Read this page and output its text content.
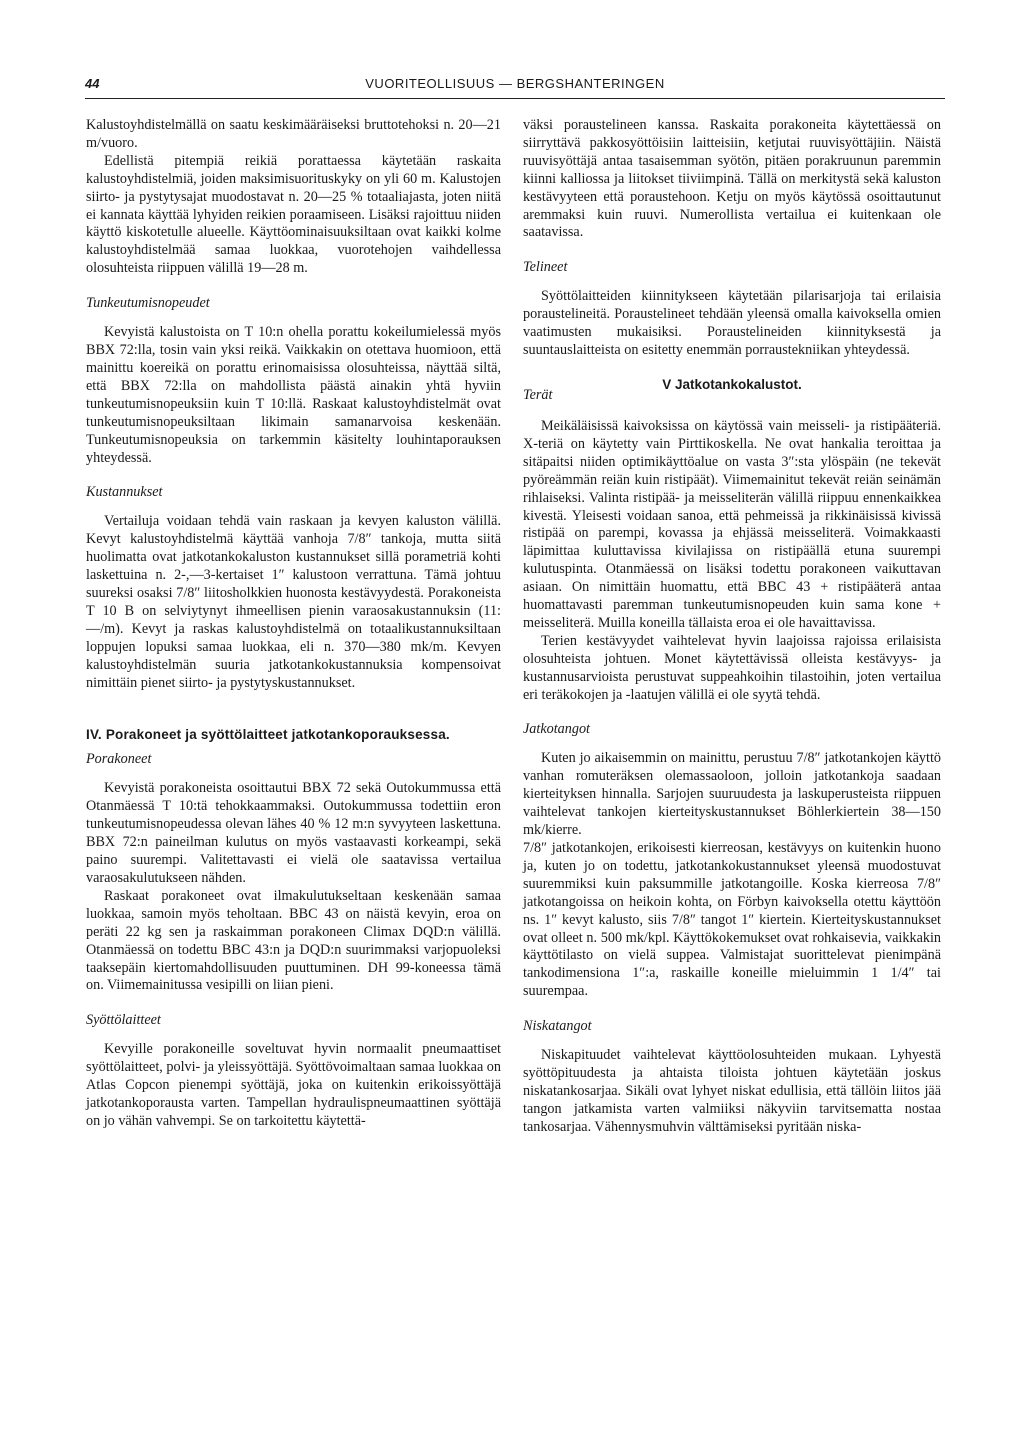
44	VUORITEOLLISUUS — BERGSHANTERINGEN

Kalustoyhdistelmällä on saatu keskimääräiseksi bruttotehoksi n. 20—21 m/vuoro.

Edellistä pitempiä reikiä porattaessa käytetään raskaita kalustoyhdistelmiä, joiden maksimisuorituskyky on yli 60 m. Kalustojen siirto- ja pystytysajat muodostavat n. 20—25 % totaaliajasta, joten niitä ei kannata käyttää lyhyiden reikien poraamiseen. Lisäksi rajoittuu niiden käyttö kiskotetulle alueelle. Käyttöominaisuuksiltaan ovat kaikki kolme kalustoyhdistelmää samaa luokkaa, vuorotehojen vaihdellessa olosuhteista riippuen välillä 19—28 m.

Tunkeutumisnopeudet

Kevyistä kalustoista on T 10:n ohella porattu kokeilumielessä myös BBX 72:lla, tosin vain yksi reikä. Vaikkakin on otettava huomioon, että mainittu koereikä on porattu erinomaisissa olosuhteissa, näyttää siltä, että BBX 72:lla on mahdollista päästä ainakin yhtä hyviin tunkeutumisnopeuksiin kuin T 10:llä. Raskaat kalustoyhdistelmät ovat tunkeutumisnopeuksiltaan likimain samanarvoisa keskenään. Tunkeutumisnopeuksia on tarkemmin käsitelty louhintaporauksen yhteydessä.

Kustannukset

Vertailuja voidaan tehdä vain raskaan ja kevyen kaluston välillä. Kevyt kalustoyhdistelmä käyttää vanhoja 7/8″ tankoja, mutta siitä huolimatta ovat jatkotankokaluston kustannukset sillä porametriä kohti laskettuina n. 2-,—3-kertaiset 1″ kalustoon verrattuna. Tämä johtuu suureksi osaksi 7/8″ liitosholkkien huonosta kestävyydestä. Porakoneista T 10 B on selviytynyt ihmeellisen pienin varaosakustannuksin (11: —/m). Kevyt ja raskas kalustoyhdistelmä on totaalikustannuksiltaan loppujen lopuksi samaa luokkaa, eli n. 370—380 mk/m. Kevyen kalustoyhdistelmän suuria jatkotankokustannuksia kompensoivat nimittäin pienet siirto- ja pystytyskustannukset.

IV. Porakoneet ja syöttölaitteet jatkotankoporauksessa.
Porakoneet

Kevyistä porakoneista osoittautui BBX 72 sekä Outokummussa että Otanmäessä T 10:tä tehokkaammaksi. Outokummussa todettiin eron tunkeutumisnopeudessa olevan lähes 40 % 12 m:n syvyyteen laskettuna. BBX 72:n paineilman kulutus on myös vastaavasti korkeampi, sekä paino suurempi. Valitettavasti ei vielä ole saatavissa vertailua varaosakulutukseen nähden.

Raskaat porakoneet ovat ilmakulutukseltaan keskenään samaa luokkaa, samoin myös teholtaan. BBC 43 on näistä kevyin, eroa on peräti 22 kg sen ja raskaimman porakoneen Climax DQD:n välillä. Otanmäessä on todettu BBC 43:n ja DQD:n suurimmaksi varjopuoleksi taaksepäin kiertomahdollisuuden puuttuminen. DH 99-koneessa tämä on. Viimemainitussa vesipilli on liian pieni.

Syöttölaitteet

Kevyille porakoneille soveltuvat hyvin normaalit pneumaattiset syöttölaitteet, polvi- ja yleissyöttäjä. Syöttövoimaltaan samaa luokkaa on Atlas Copcon pienempi syöttäjä, joka on kuitenkin erikoissyöttäjä jatkotankoporausta varten. Tampellan hydraulispneumaattinen syöttäjä on jo vähän vahvempi. Se on tarkoitettu käytettä-

väksi poraustelineen kanssa. Raskaita porakoneita käytettäessä on siirryttävä pakkosyöttöisiin laitteisiin, ketjutai ruuvisyöttäjiin. Näistä ruuvisyöttäjä antaa tasaisemman syötön, pitäen porakruunun paremmin kiinni kalliossa ja liitokset tiiviimpinä. Tällä on merkitystä sekä kaluston kestävyyteen että poraustehoon. Ketju on myös käytössä osoittautunut aremmaksi kuin ruuvi. Numerollista vertailua ei kuitenkaan ole saatavissa.

Telineet

Syöttölaitteiden kiinnitykseen käytetään pilarisarjoja tai erilaisia poraustelineitä. Poraustelineet tehdään yleensä omalla kaivoksella omien vaatimusten mukaisiksi. Poraustelineiden kiinnityksestä ja suuntauslaitteista on esitetty enemmän porraustekniikan yhteydessä.

V Jatkotankokalustot.
Terät

Meikäläisissä kaivoksissa on käytössä vain meisseli- ja ristipääteriä. X-teriä on käytetty vain Pirttikoskella. Ne ovat hankalia teroittaa ja sitäpaitsi niiden optimikäyttöalue on vasta 3″:sta ylöspäin (ne tekevät pyöreämmän reiän kuin ristipäät). Viimemainitut tekevät reiän seinämän rihlaiseksi. Valinta ristipää- ja meisseliterän välillä riippuu ennenkaikkea kivestä. Yleisesti voidaan sanoa, että pehmeissä ja rikkinäisissä kivissä ristipää on parempi, kovassa ja ehjässä meisseliterä. Voimakkaasti läpimittaa kuluttavissa kivilajissa on ristipäällä etuna suurempi kulutuspinta. Otanmäessä on lisäksi todettu porakoneen vaikuttavan asiaan. On nimittäin huomattu, että BBC 43 + ristipääterä antaa huomattavasti paremman tunkeutumisnopeuden kuin sama kone + meisseliterä. Muilla koneilla tällaista eroa ei ole havaittavissa.

Terien kestävyydet vaihtelevat hyvin laajoissa rajoissa erilaisista olosuhteista johtuen. Monet käytettävissä olleista kestävyys- ja kustannusarvioista perustuvat suppeahkoihin tilastoihin, joten vertailua eri teräkokojen ja -laatujen välillä ei ole syytä tehdä.

Jatkotangot

Kuten jo aikaisemmin on mainittu, perustuu 7/8″ jatkotankojen käyttö vanhan romuteräksen olemassaoloon, jolloin jatkotankoja saadaan kierteityksen hinnalla. Sarjojen suuruudesta ja laskuperusteista riippuen vaihtelevat tankojen kierteityskustannukset Böhlerkiertein 38—150 mk/kierre.

7/8″ jatkotankojen, erikoisesti kierreosan, kestävyys on kuitenkin huono ja, kuten jo on todettu, jatkotankokustannukset yleensä muodostuvat suuremmiksi kuin paksummille jatkotangoille. Koska kierreosa 7/8″ jatkotangoissa on heikoin kohta, on Förbyn kaivoksella otettu käyttöön ns. 1″ kevyt kalusto, siis 7/8″ tangot 1″ kiertein. Kierteityskustannukset ovat olleet n. 500 mk/kpl. Käyttökokemukset ovat rohkaisevia, vaikkakin käyttötilasto on vielä suppea. Valmistajat suorittelevat pienimpänä tankodimensiona 1″:a, raskaille koneille mieluimmin 1 1/4″ tai suurempaa.

Niskatangot

Niskapituudet vaihtelevat käyttöolosuhteiden mukaan. Lyhyestä syöttöpituudesta ja ahtaista tiloista johtuen käytetään joskus niskatankosarjaa. Sikäli ovat lyhyet niskat edullisia, että tällöin liitos jää tangon jatkamista varten valmiiksi näkyviin tarvitsematta nostaa tankosarjaa. Vähennysmuhvin välttämiseksi pyritään niska-
